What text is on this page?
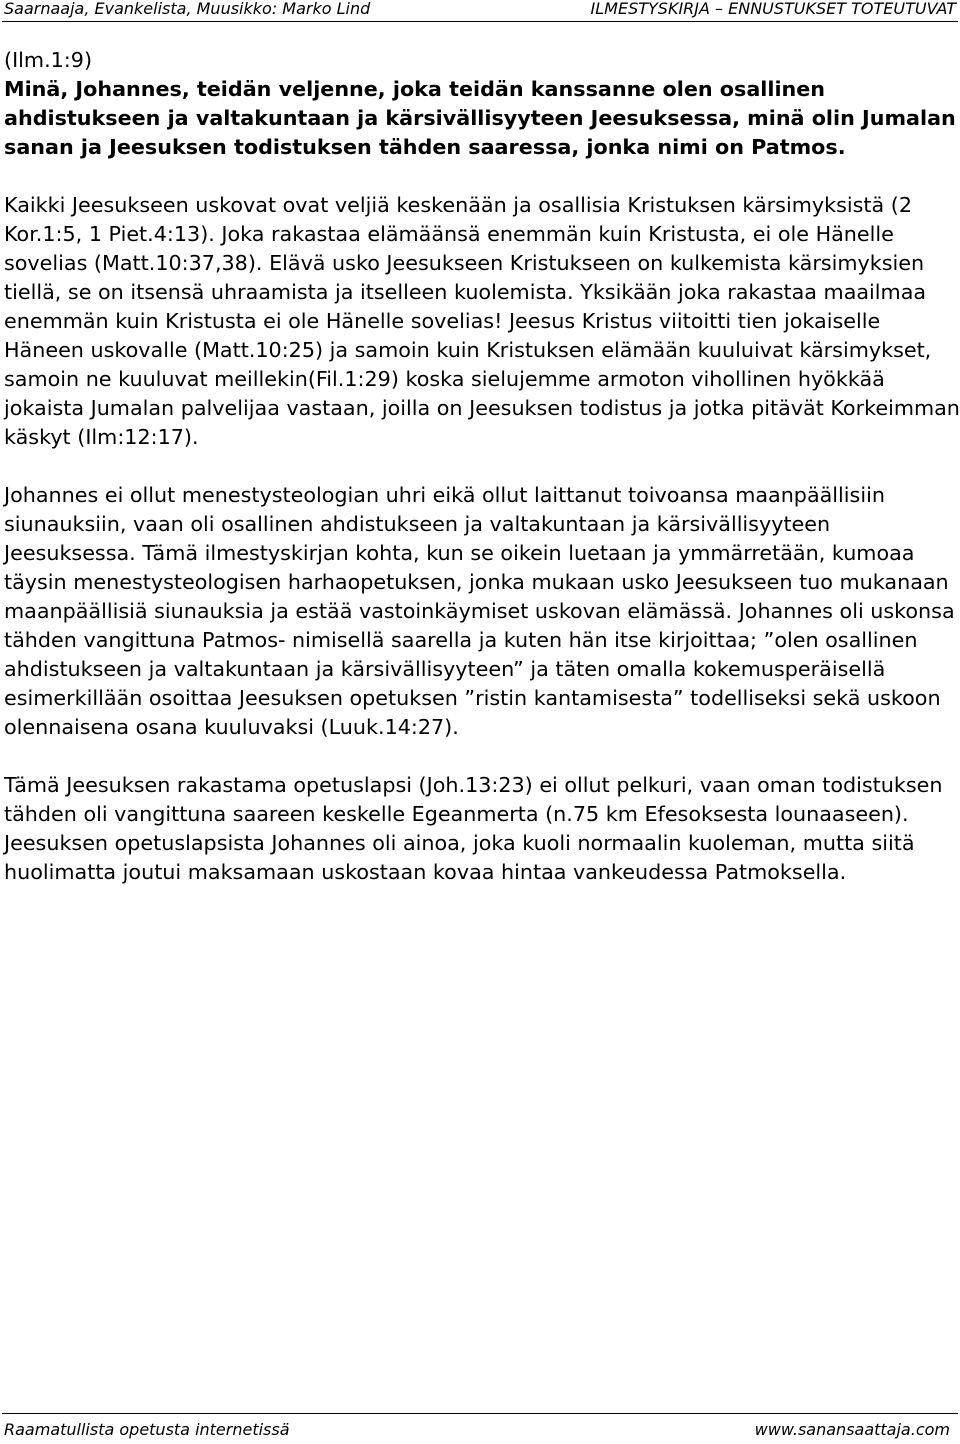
Saarnaaja, Evankelista, Muusikko: Marko Lind	ILMESTYSKIRJA – ENNUSTUKSET TOTEUTUVAT

(Ilm.1:9)

Minä, Johannes, teidän veljenne, joka teidän kanssanne olen osallinen ahdistukseen ja valtakuntaan ja kärsivällisyyteen Jeesuksessa, minä olin Jumalan sanan ja Jeesuksen todistuksen tähden saaressa, jonka nimi on Patmos.

Kaikki Jeesukseen uskovat ovat veljiä keskenään ja osallisia Kristuksen kärsimyksistä (2 Kor.1:5, 1 Piet.4:13). Joka rakastaa elämäänsä enemmän kuin Kristusta, ei ole Hänelle sovelias (Matt.10:37,38). Elävä usko Jeesukseen Kristukseen on kulkemista kärsimyksien tiellä, se on itsensä uhraamista ja itselleen kuolemista. Yksikään joka rakastaa maailmaa enemmän kuin Kristusta ei ole Hänelle sovelias! Jeesus Kristus viitoitti tien jokaiselle Häneen uskovalle (Matt.10:25) ja samoin kuin Kristuksen elämään kuuluivat kärsimykset, samoin ne kuuluvat meillekin(Fil.1:29) koska sielujemme armoton vihollinen hyökkää jokaista Jumalan palvelijaa vastaan, joilla on Jeesuksen todistus ja jotka pitävät Korkeimman käskyt (Ilm:12:17).

Johannes ei ollut menestysteologian uhri eikä ollut laittanut toivoansa maanpäällisiin siunauksiin, vaan oli osallinen ahdistukseen ja valtakuntaan ja kärsivällisyyteen Jeesuksessa. Tämä ilmestyskirjan kohta, kun se oikein luetaan ja ymmärretään, kumoaa täysin menestysteologisen harhaopetuksen, jonka mukaan usko Jeesukseen tuo mukanaan maanpäällisiä siunauksia ja estää vastoinkäymiset uskovan elämässä. Johannes oli uskonsa tähden vangittuna Patmos- nimisellä saarella ja kuten hän itse kirjoittaa; ”olen osallinen ahdistukseen ja valtakuntaan ja kärsivällisyyteen” ja täten omalla kokemusperäisellä esimerkillään osoittaa Jeesuksen opetuksen ”ristin kantamisesta” todelliseksi sekä uskoon olennaisena osana kuuluvaksi (Luuk.14:27).

Tämä Jeesuksen rakastama opetuslapsi (Joh.13:23) ei ollut pelkuri, vaan oman todistuksen tähden oli vangittuna saareen keskelle Egeanmerta (n.75 km Efesoksesta lounaaseen). Jeesuksen opetuslapsista Johannes oli ainoa, joka kuoli normaalin kuoleman, mutta siitä huolimatta joutui maksamaan uskostaan kovaa hintaa vankeudessa Patmoksella.

Raamatullista opetusta internetissä	www.sanansaattaja.com
